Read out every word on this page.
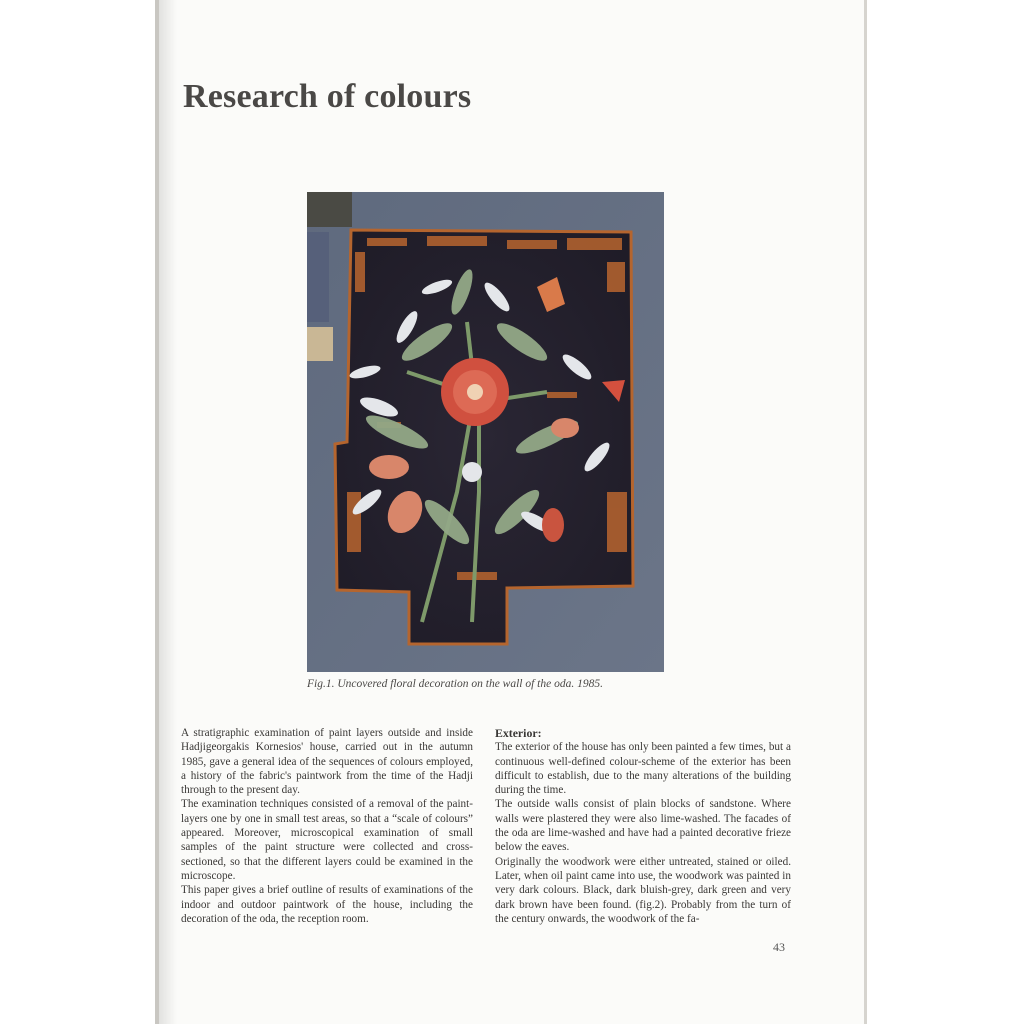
Research of colours
Fig.1. Uncovered floral decoration on the wall of the oda. 1985.

A stratigraphic examination of paint layers outside and inside Hadjigeorgakis Kornesios' house, carried out in the autumn 1985, gave a general idea of the sequences of colours employed, a history of the fabric's paintwork from the time of the Hadji through to the present day.

The examination techniques consisted of a removal of the paint-layers one by one in small test areas, so that a “scale of colours” appeared. Moreover, microscopical examination of small samples of the paint structure were collected and cross-sectioned, so that the different layers could be examined in the microscope.

This paper gives a brief outline of results of examinations of the indoor and outdoor paintwork of the house, including the decoration of the oda, the reception room.

Exterior:

The exterior of the house has only been painted a few times, but a continuous well-defined colour-scheme of the exterior has been difficult to establish, due to the many alterations of the building during the time.

The outside walls consist of plain blocks of sandstone. Where walls were plastered they were also lime-washed. The facades of the oda are lime-washed and have had a painted decorative frieze below the eaves.

Originally the woodwork were either untreated, stained or oiled. Later, when oil paint came into use, the woodwork was painted in very dark colours. Black, dark bluish-grey, dark green and very dark brown have been found. (fig.2). Probably from the turn of the century onwards, the woodwork of the fa-

43
